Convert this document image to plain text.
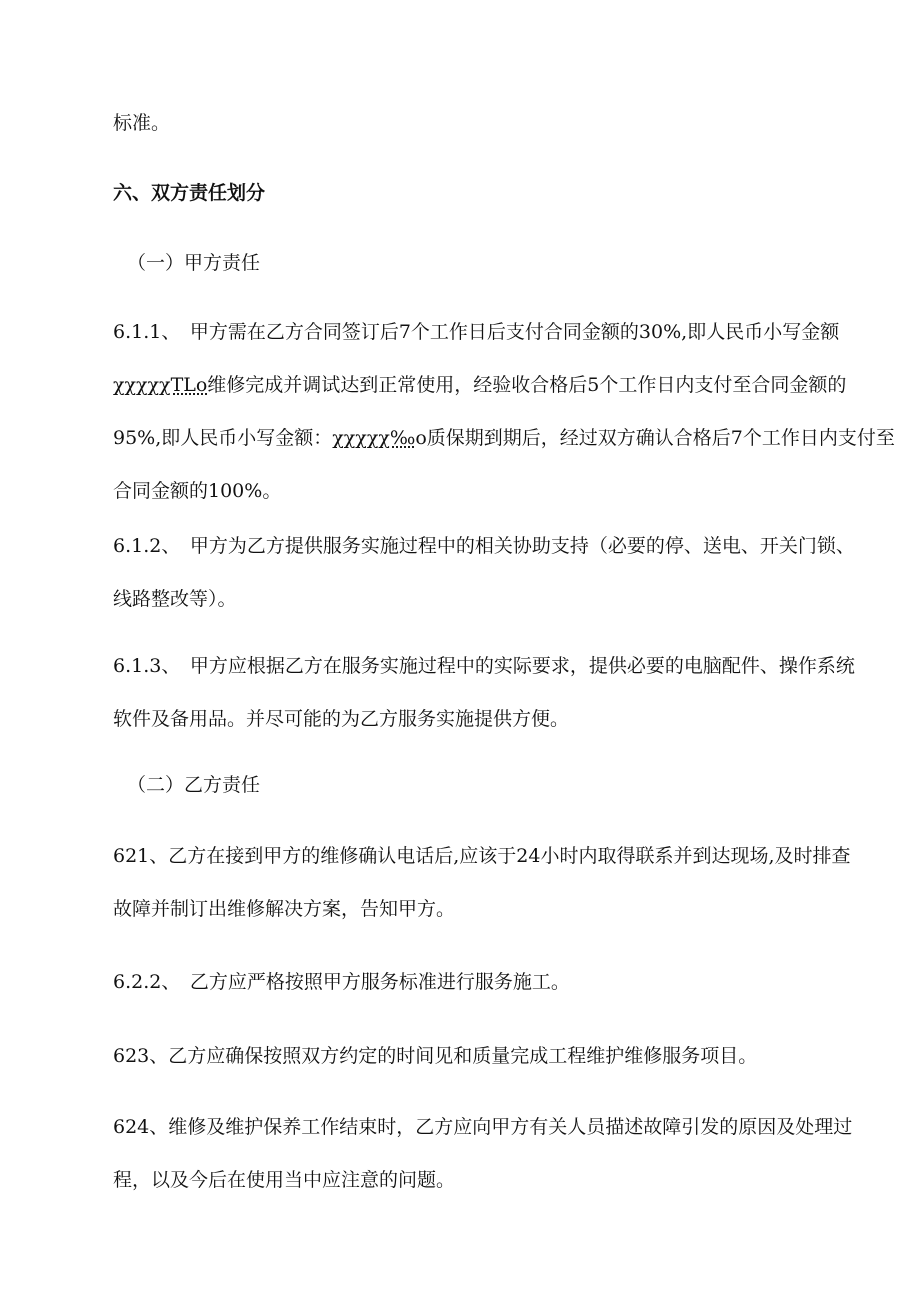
标准。
六、双方责任划分
（一）甲方责任
6.1.1、　甲方需在乙方合同签订后7个工作日后支付合同金额的30%,即人民币小写金额
χχχχχTLo维修完成并调试达到正常使用，经验收合格后5个工作日内支付至合同金额的
95%,即人民币小写金额：χχχχχ‰o质保期到期后，经过双方确认合格后7个工作日内支付至
合同金额的100%。
6.1.2、　甲方为乙方提供服务实施过程中的相关协助支持（必要的停、送电、开关门锁、
线路整改等）。
6.1.3、　甲方应根据乙方在服务实施过程中的实际要求，提供必要的电脑配件、操作系统
软件及备用品。并尽可能的为乙方服务实施提供方便。
（二）乙方责任
621、乙方在接到甲方的维修确认电话后,应该于24小时内取得联系并到达现场,及时排查
故障并制订出维修解决方案，告知甲方。
6.2.2、　乙方应严格按照甲方服务标准进行服务施工。
623、乙方应确保按照双方约定的时间见和质量完成工程维护维修服务项目。
624、维修及维护保养工作结束时，乙方应向甲方有关人员描述故障引发的原因及处理过
程，以及今后在使用当中应注意的问题。
